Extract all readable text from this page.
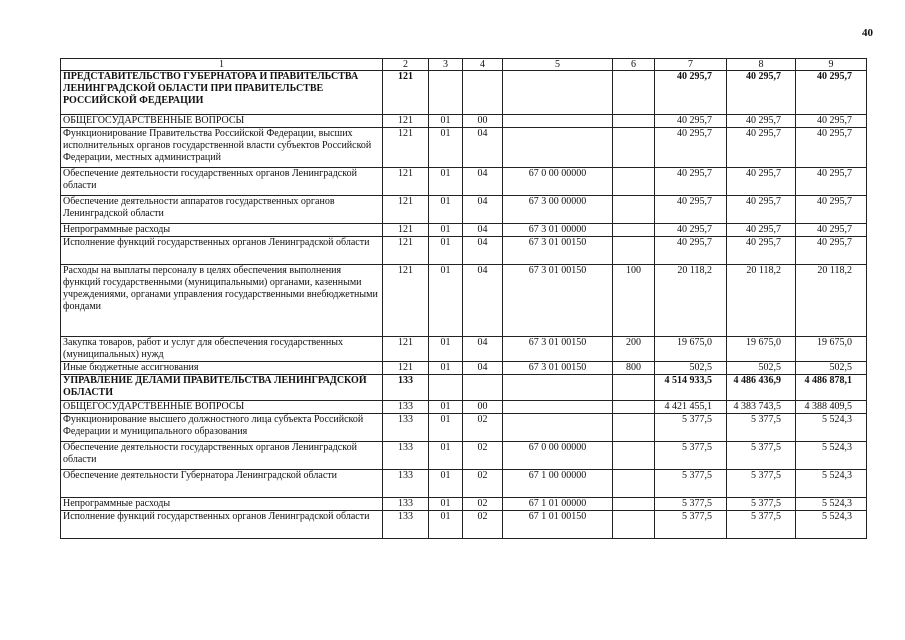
40
1	2	3	4	5	6	7	8	9
ПРЕДСТАВИТЕЛЬСТВО ГУБЕРНАТОРА И ПРАВИТЕЛЬСТВА ЛЕНИНГРАДСКОЙ ОБЛАСТИ ПРИ ПРАВИТЕЛЬСТВЕ РОССИЙСКОЙ ФЕДЕРАЦИИ	121					40 295,7	40 295,7	40 295,7
ОБЩЕГОСУДАРСТВЕННЫЕ ВОПРОСЫ	121	01	00			40 295,7	40 295,7	40 295,7
Функционирование Правительства Российской Федерации, высших исполнительных органов государственной власти субъектов Российской Федерации, местных администраций	121	01	04			40 295,7	40 295,7	40 295,7
Обеспечение деятельности государственных органов Ленинградской области	121	01	04	67 0 00 00000		40 295,7	40 295,7	40 295,7
Обеспечение деятельности аппаратов государственных органов Ленинградской области	121	01	04	67 3 00 00000		40 295,7	40 295,7	40 295,7
Непрограммные расходы	121	01	04	67 3 01 00000		40 295,7	40 295,7	40 295,7
Исполнение функций государственных органов Ленинградской области	121	01	04	67 3 01 00150		40 295,7	40 295,7	40 295,7
Расходы на выплаты персоналу в целях обеспечения выполнения функций государственными (муниципальными) органами, казенными учреждениями, органами управления государственными внебюджетными фондами	121	01	04	67 3 01 00150	100	20 118,2	20 118,2	20 118,2
Закупка товаров, работ и услуг для обеспечения государственных (муниципальных) нужд	121	01	04	67 3 01 00150	200	19 675,0	19 675,0	19 675,0
Иные бюджетные ассигнования	121	01	04	67 3 01 00150	800	502,5	502,5	502,5
УПРАВЛЕНИЕ ДЕЛАМИ ПРАВИТЕЛЬСТВА ЛЕНИНГРАДСКОЙ ОБЛАСТИ	133					4 514 933,5	4 486 436,9	4 486 878,1
ОБЩЕГОСУДАРСТВЕННЫЕ ВОПРОСЫ	133	01	00			4 421 455,1	4 383 743,5	4 388 409,5
Функционирование высшего должностного лица субъекта Российской Федерации и муниципального образования	133	01	02			5 377,5	5 377,5	5 524,3
Обеспечение деятельности государственных органов Ленинградской области	133	01	02	67 0 00 00000		5 377,5	5 377,5	5 524,3
Обеспечение деятельности Губернатора Ленинградской области	133	01	02	67 1 00 00000		5 377,5	5 377,5	5 524,3
Непрограммные расходы	133	01	02	67 1 01 00000		5 377,5	5 377,5	5 524,3
Исполнение функций государственных органов Ленинградской области	133	01	02	67 1 01 00150		5 377,5	5 377,5	5 524,3
